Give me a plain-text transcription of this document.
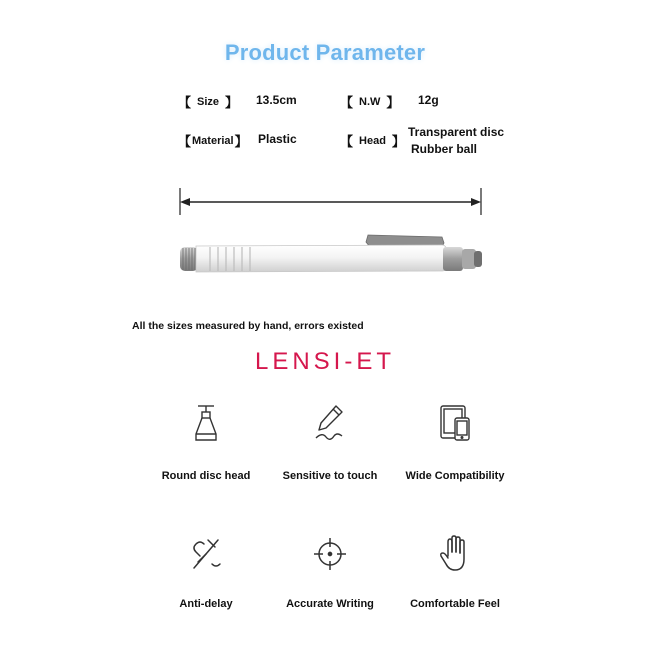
Product Parameter
【 Size 】 13.5cm	【 N.W 】 12g
【 Material 】 Plastic	【 Head 】
Transparent disc
Rubber ball
All the sizes measured by hand, errors existed
LENSI-ET
Round disc head	Sensitive to touch	Wide Compatibility
Anti-delay	Accurate Writing	Comfortable Feel
